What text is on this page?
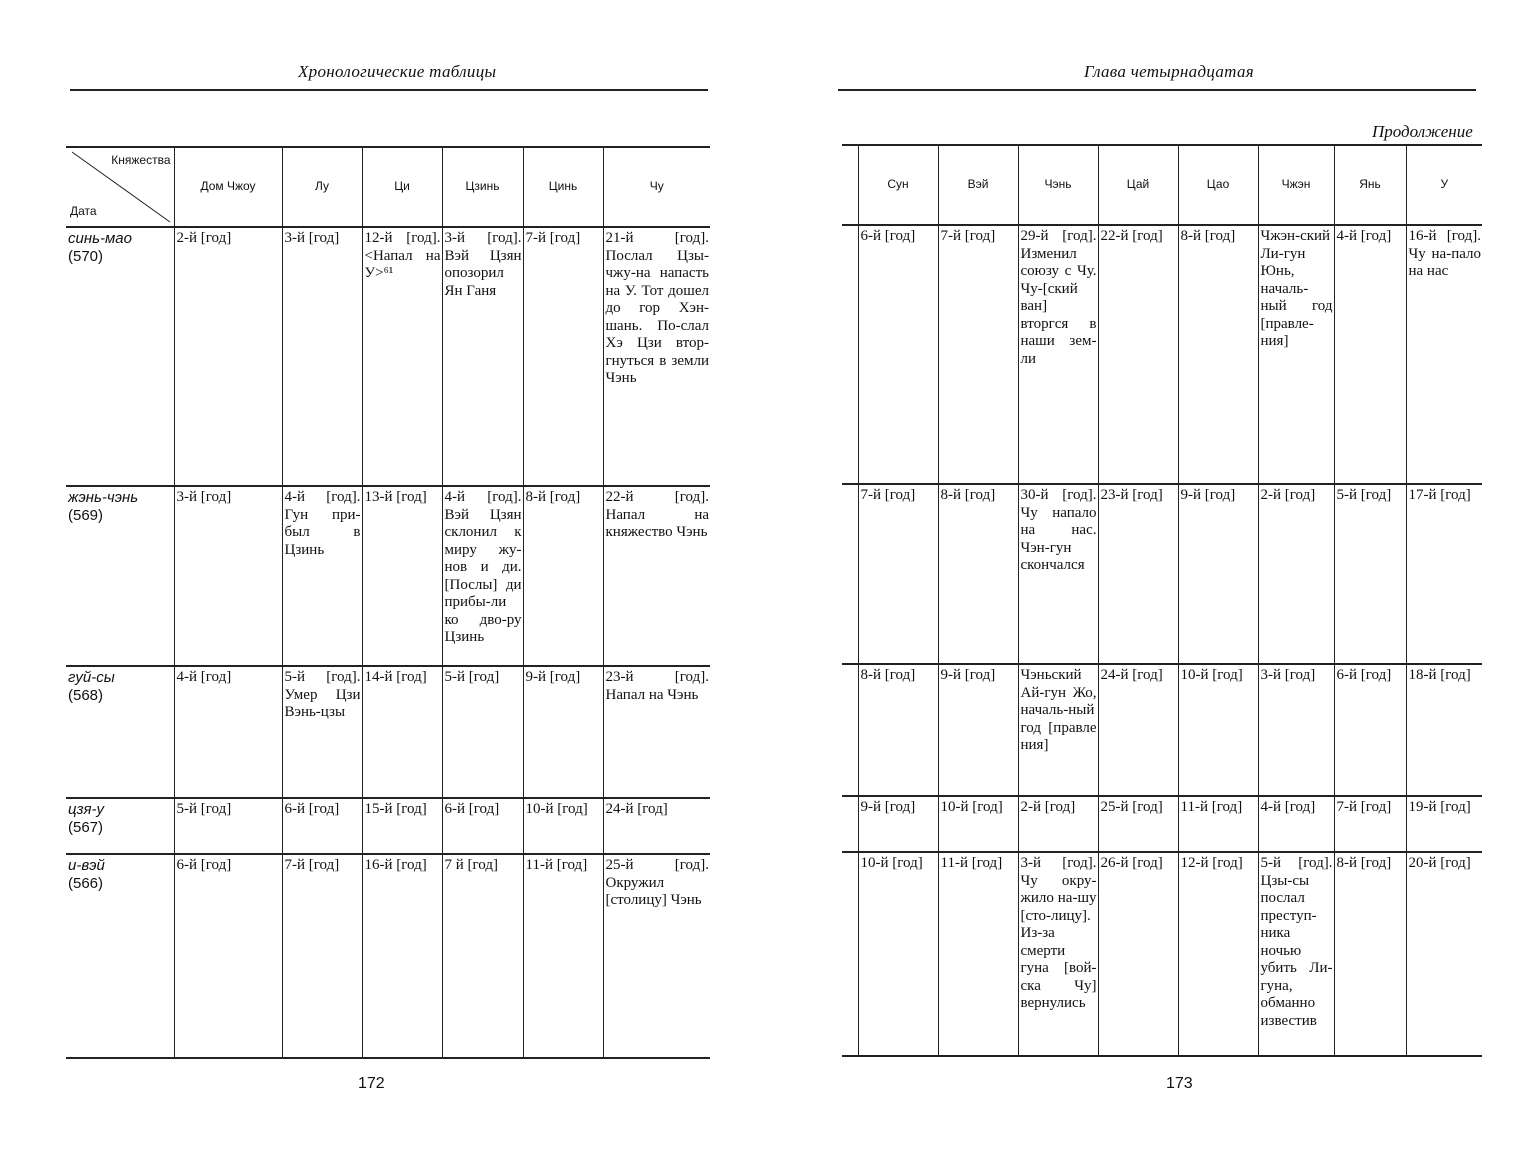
Хронологические таблицы
Княжества
Дата	Дом Чжоу	Лу	Ци	Цзинь	Цинь	Чу

синь-мао
(570)	2-й [год]	3-й [год]	12-й [год]. <Напал на У>⁶¹	3-й [год]. Вэй Цзян опозорил Ян Ганя	7-й [год]	21-й [год]. Послал Цзы-чжу-на напасть на У. Тот дошел до гор Хэн-шань. По-слал Хэ Цзи втор-гнуться в земли Чэнь

жэнь-чэнь
(569)	3-й [год]	4-й [год]. Гун при-был в Цзинь	13-й [год]	4-й [год]. Вэй Цзян склонил к миру жу-нов и ди. [Послы] ди прибы-ли ко дво-ру Цзинь	8-й [год]	22-й [год]. Напал на княжество Чэнь

гуй-сы
(568)	4-й [год]	5-й [год]. Умер Цзи Вэнь-цзы	14-й [год]	5-й [год]	9-й [год]	23-й [год]. Напал на Чэнь

цзя-у
(567)	5-й [год]	6-й [год]	15-й [год]	6-й [год]	10-й [год]	24-й [год]

и-вэй
(566)	6-й [год]	7-й [год]	16-й [год]	7 й [год]	11-й [год]	25-й [год]. Окружил [столицу] Чэнь
172
Глава четырнадцатая
Продолжение
	Сун	Вэй	Чэнь	Цай	Цао	Чжэн	Янь	У
	6-й [год]	7-й [год]	29-й [год]. Изменил союзу с Чу. Чу-[ский ван] вторгся в наши зем-ли	22-й [год]	8-й [год]	Чжэн-ский Ли-гун Юнь, началь-ный год [правле-ния]	4-й [год]	16-й [год]. Чу на-пало на нас
	7-й [год]	8-й [год]	30-й [год]. Чу напало на нас. Чэн-гун скончался	23-й [год]	9-й [год]	2-й [год]	5-й [год]	17-й [год]
	8-й [год]	9-й [год]	Чэньский Ай-гун Жо, началь-ный год [правле ния]	24-й [год]	10-й [год]	3-й [год]	6-й [год]	18-й [год]
	9-й [год]	10-й [год]	2-й [год]	25-й [год]	11-й [год]	4-й [год]	7-й [год]	19-й [год]
	10-й [год]	11-й [год]	3-й [год]. Чу окру-жило на-шу [сто-лицу]. Из-за смерти гуна [вой-ска Чу] вернулись	26-й [год]	12-й [год]	5-й [год]. Цзы-сы послал преступ-ника ночью убить Ли-гуна, обманно известив	8-й [год]	20-й [год]
173
